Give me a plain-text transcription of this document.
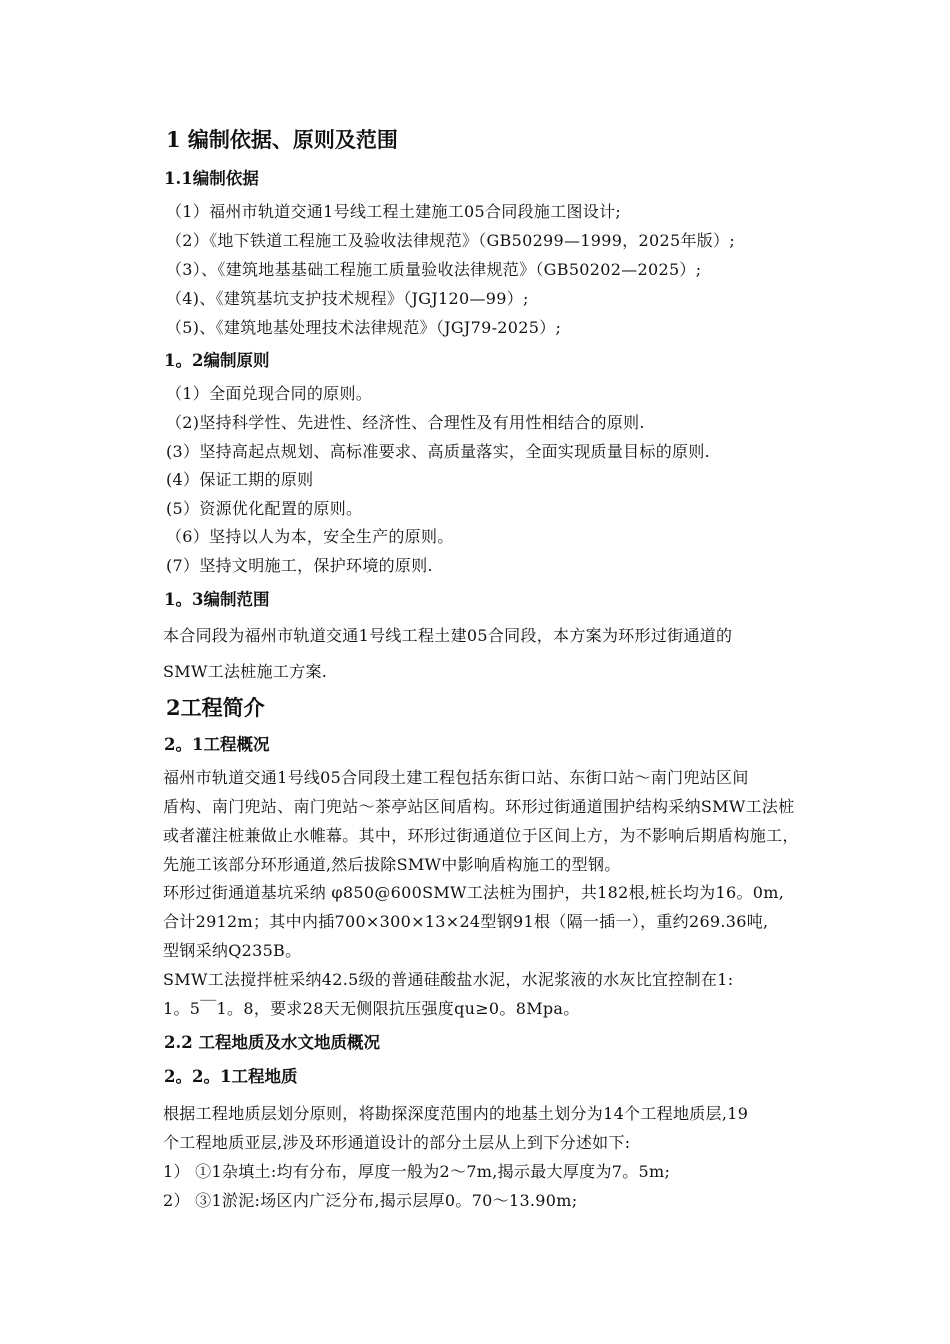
1 编制依据、原则及范围
1.1编制依据
（1）福州市轨道交通1号线工程土建施工05合同段施工图设计;
（2）《地下铁道工程施工及验收法律规范》（GB50299—1999，2025年版）;
（3）、《建筑地基基础工程施工质量验收法律规范》（GB50202—2025）;
（4)、《建筑基坑支护技术规程》（JGJ120—99）;
（5)、《建筑地基处理技术法律规范》（JGJ79-2025）;
1。2编制原则
（1）全面兑现合同的原则。
（2)坚持科学性、先进性、经济性、合理性及有用性相结合的原则.
(3）坚持高起点规划、高标准要求、高质量落实，全面实现质量目标的原则.
(4）保证工期的原则
(5）资源优化配置的原则。
（6）坚持以人为本，安全生产的原则。
(7）坚持文明施工，保护环境的原则.
1。3编制范围
本合同段为福州市轨道交通1号线工程土建05合同段，本方案为环形过街通道的
SMW工法桩施工方案.
2工程简介
2。1工程概况
福州市轨道交通1号线05合同段土建工程包括东街口站、东街口站～南门兜站区间
盾构、南门兜站、南门兜站～茶亭站区间盾构。环形过街通道围护结构采纳SMW工法桩
或者灌注桩兼做止水帷幕。其中，环形过街通道位于区间上方，为不影响后期盾构施工，
先施工该部分环形通道,然后拔除SMW中影响盾构施工的型钢。
环形过街通道基坑采纳 φ850@600SMW工法桩为围护，共182根,桩长均为16。0m,
合计2912m；其中内插700×300×13×24型钢91根（隔一插一），重约269.36吨,
型钢采纳Q235B。
SMW工法搅拌桩采纳42.5级的普通硅酸盐水泥，水泥浆液的水灰比宜控制在1:
1。5￣1。8，要求28天无侧限抗压强度qu≥0。8Mpa。
2.2 工程地质及水文地质概况
2。2。1工程地质
根据工程地质层划分原则，将勘探深度范围内的地基土划分为14个工程地质层,19
个工程地质亚层,涉及环形通道设计的部分土层从上到下分述如下:
1） ①1杂填土:均有分布，厚度一般为2～7m,揭示最大厚度为7。5m;
2） ③1淤泥:场区内广泛分布,揭示层厚0。70～13.90m;
